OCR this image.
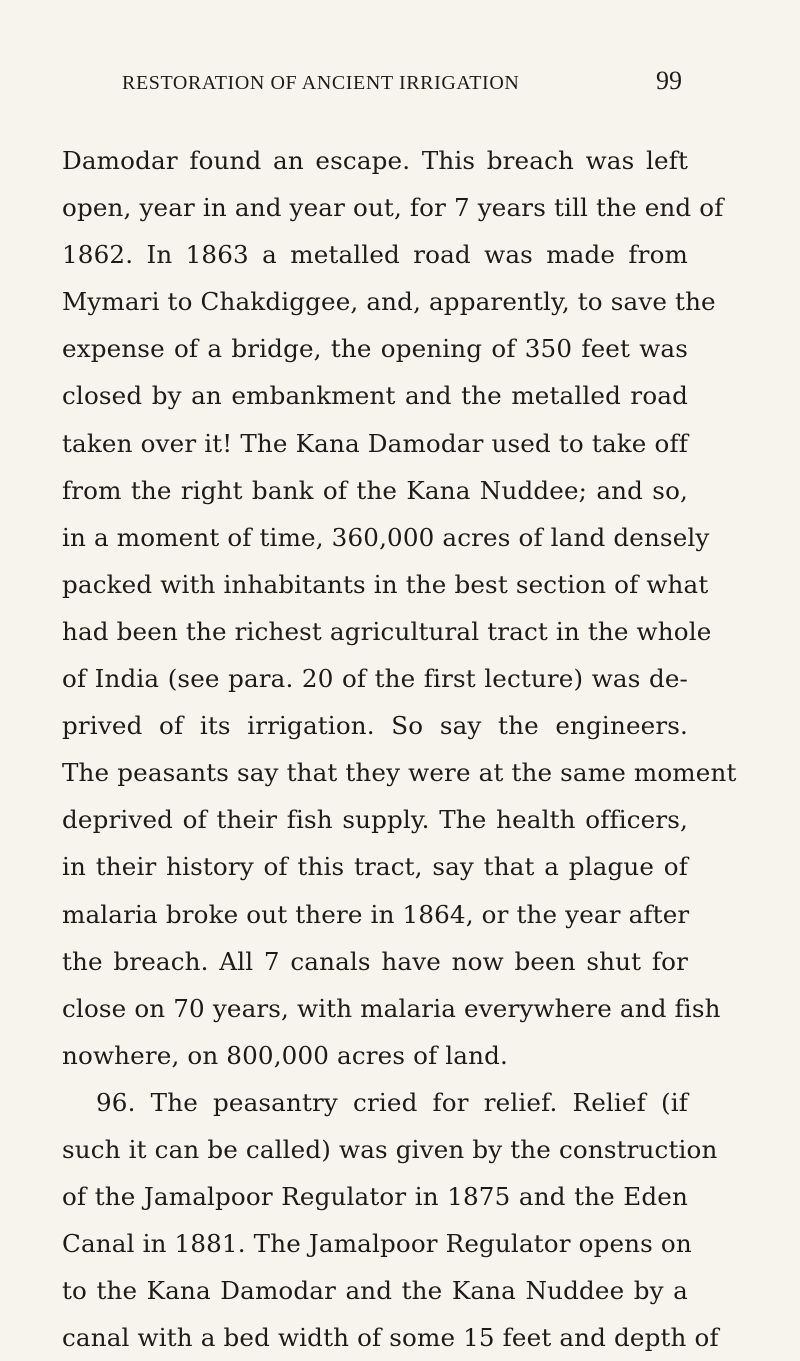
RESTORATION OF ANCIENT IRRIGATION	99
Damodar found an escape. This breach was left
open, year in and year out, for 7 years till the end of
1862. In 1863 a metalled road was made from
Mymari to Chakdiggee, and, apparently, to save the
expense of a bridge, the opening of 350 feet was
closed by an embankment and the metalled road
taken over it! The Kana Damodar used to take off
from the right bank of the Kana Nuddee; and so,
in a moment of time, 360,000 acres of land densely
packed with inhabitants in the best section of what
had been the richest agricultural tract in the whole
of India (see para. 20 of the first lecture) was de-
prived of its irrigation. So say the engineers.
The peasants say that they were at the same moment
deprived of their fish supply. The health officers,
in their history of this tract, say that a plague of
malaria broke out there in 1864, or the year after
the breach. All 7 canals have now been shut for
close on 70 years, with malaria everywhere and fish
nowhere, on 800,000 acres of land.
96. The peasantry cried for relief. Relief (if
such it can be called) was given by the construction
of the Jamalpoor Regulator in 1875 and the Eden
Canal in 1881. The Jamalpoor Regulator opens on
to the Kana Damodar and the Kana Nuddee by a
canal with a bed width of some 15 feet and depth of
